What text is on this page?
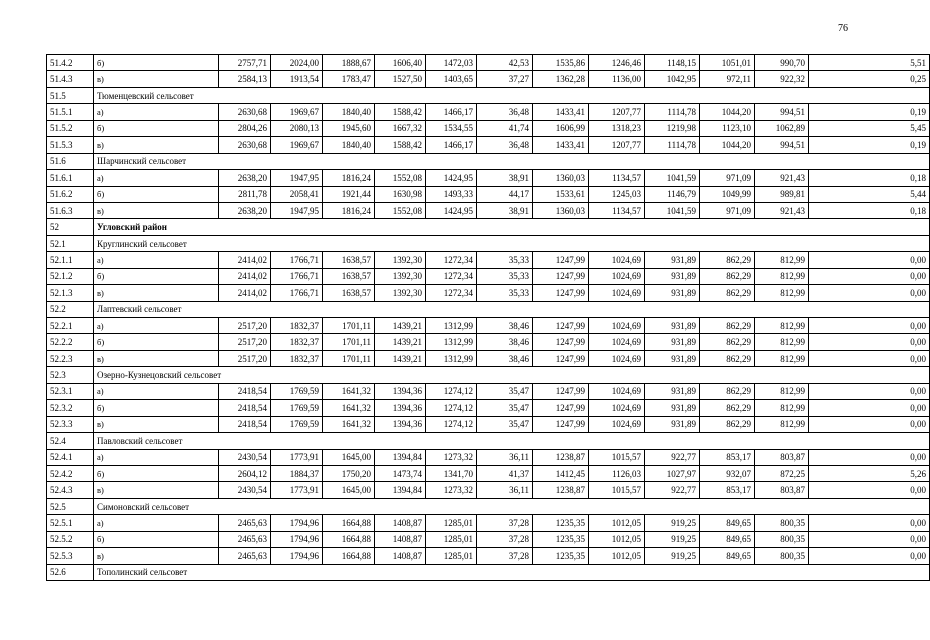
76
51.4.2	б)	2757,71	2024,00	1888,67	1606,40	1472,03	42,53	1535,86	1246,46	1148,15	1051,01	990,70	5,51
51.4.3	в)	2584,13	1913,54	1783,47	1527,50	1403,65	37,27	1362,28	1136,00	1042,95	972,11	922,32	0,25
51.5	Тюменцевский сельсовет												
51.5.1	а)	2630,68	1969,67	1840,40	1588,42	1466,17	36,48	1433,41	1207,77	1114,78	1044,20	994,51	0,19
51.5.2	б)	2804,26	2080,13	1945,60	1667,32	1534,55	41,74	1606,99	1318,23	1219,98	1123,10	1062,89	5,45
51.5.3	в)	2630,68	1969,67	1840,40	1588,42	1466,17	36,48	1433,41	1207,77	1114,78	1044,20	994,51	0,19
51.6	Шарчинский сельсовет												
51.6.1	а)	2638,20	1947,95	1816,24	1552,08	1424,95	38,91	1360,03	1134,57	1041,59	971,09	921,43	0,18
51.6.2	б)	2811,78	2058,41	1921,44	1630,98	1493,33	44,17	1533,61	1245,03	1146,79	1049,99	989,81	5,44
51.6.3	в)	2638,20	1947,95	1816,24	1552,08	1424,95	38,91	1360,03	1134,57	1041,59	971,09	921,43	0,18
52	Угловский район												
52.1	Круглинский сельсовет												
52.1.1	а)	2414,02	1766,71	1638,57	1392,30	1272,34	35,33	1247,99	1024,69	931,89	862,29	812,99	0,00
52.1.2	б)	2414,02	1766,71	1638,57	1392,30	1272,34	35,33	1247,99	1024,69	931,89	862,29	812,99	0,00
52.1.3	в)	2414,02	1766,71	1638,57	1392,30	1272,34	35,33	1247,99	1024,69	931,89	862,29	812,99	0,00
52.2	Лаптевский сельсовет												
52.2.1	а)	2517,20	1832,37	1701,11	1439,21	1312,99	38,46	1247,99	1024,69	931,89	862,29	812,99	0,00
52.2.2	б)	2517,20	1832,37	1701,11	1439,21	1312,99	38,46	1247,99	1024,69	931,89	862,29	812,99	0,00
52.2.3	в)	2517,20	1832,37	1701,11	1439,21	1312,99	38,46	1247,99	1024,69	931,89	862,29	812,99	0,00
52.3	Озерно-Кузнецовский сельсовет												
52.3.1	а)	2418,54	1769,59	1641,32	1394,36	1274,12	35,47	1247,99	1024,69	931,89	862,29	812,99	0,00
52.3.2	б)	2418,54	1769,59	1641,32	1394,36	1274,12	35,47	1247,99	1024,69	931,89	862,29	812,99	0,00
52.3.3	в)	2418,54	1769,59	1641,32	1394,36	1274,12	35,47	1247,99	1024,69	931,89	862,29	812,99	0,00
52.4	Павловский сельсовет												
52.4.1	а)	2430,54	1773,91	1645,00	1394,84	1273,32	36,11	1238,87	1015,57	922,77	853,17	803,87	0,00
52.4.2	б)	2604,12	1884,37	1750,20	1473,74	1341,70	41,37	1412,45	1126,03	1027,97	932,07	872,25	5,26
52.4.3	в)	2430,54	1773,91	1645,00	1394,84	1273,32	36,11	1238,87	1015,57	922,77	853,17	803,87	0,00
52.5	Симоновский сельсовет												
52.5.1	а)	2465,63	1794,96	1664,88	1408,87	1285,01	37,28	1235,35	1012,05	919,25	849,65	800,35	0,00
52.5.2	б)	2465,63	1794,96	1664,88	1408,87	1285,01	37,28	1235,35	1012,05	919,25	849,65	800,35	0,00
52.5.3	в)	2465,63	1794,96	1664,88	1408,87	1285,01	37,28	1235,35	1012,05	919,25	849,65	800,35	0,00
52.6	Тополинский сельсовет												
